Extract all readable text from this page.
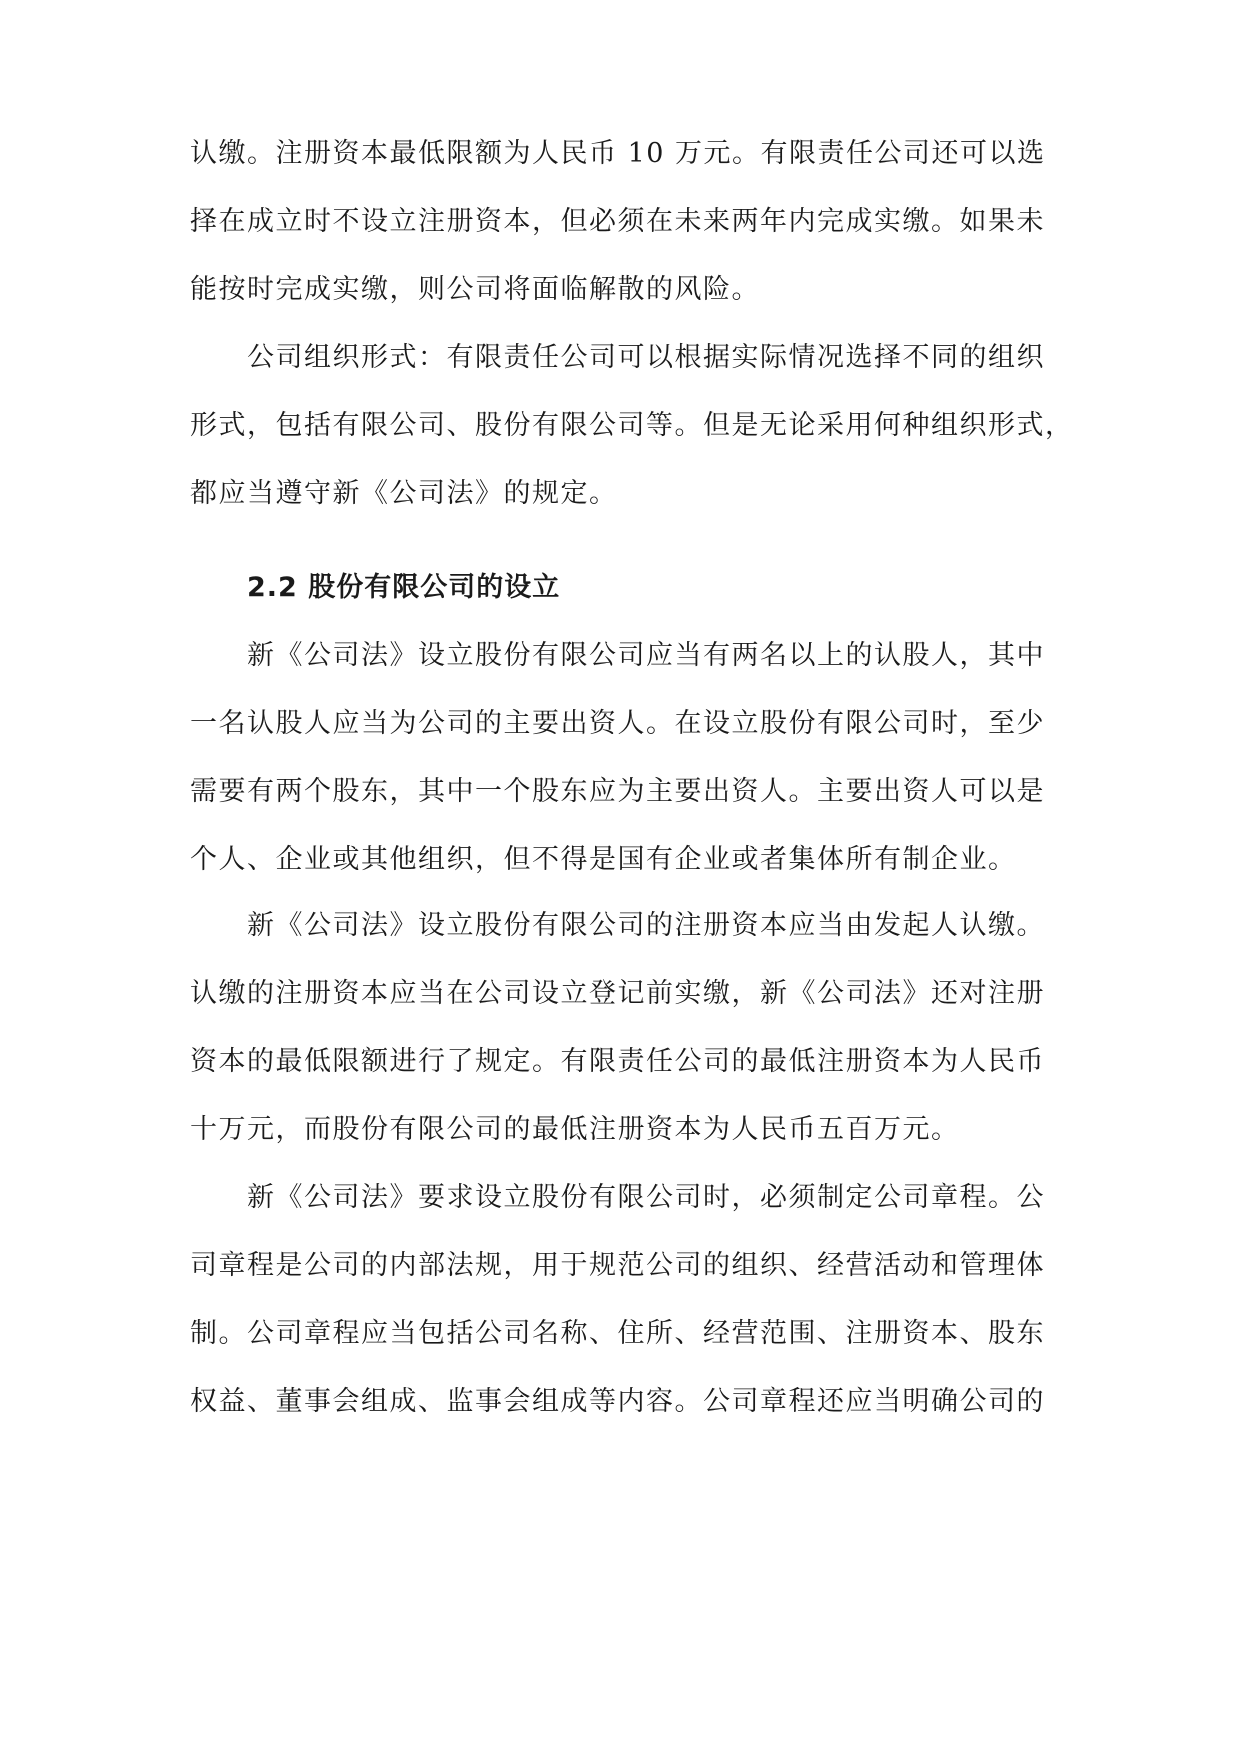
认缴。注册资本最低限额为人民币 10 万元。有限责任公司还可以选
择在成立时不设立注册资本，但必须在未来两年内完成实缴。如果未
能按时完成实缴，则公司将面临解散的风险。
公司组织形式：有限责任公司可以根据实际情况选择不同的组织
形式，包括有限公司、股份有限公司等。但是无论采用何种组织形式，
都应当遵守新《公司法》的规定。
2.2 股份有限公司的设立
新《公司法》设立股份有限公司应当有两名以上的认股人，其中
一名认股人应当为公司的主要出资人。在设立股份有限公司时，至少
需要有两个股东，其中一个股东应为主要出资人。主要出资人可以是
个人、企业或其他组织，但不得是国有企业或者集体所有制企业。
新《公司法》设立股份有限公司的注册资本应当由发起人认缴。
认缴的注册资本应当在公司设立登记前实缴，新《公司法》还对注册
资本的最低限额进行了规定。有限责任公司的最低注册资本为人民币
十万元，而股份有限公司的最低注册资本为人民币五百万元。
新《公司法》要求设立股份有限公司时，必须制定公司章程。公
司章程是公司的内部法规，用于规范公司的组织、经营活动和管理体
制。公司章程应当包括公司名称、住所、经营范围、注册资本、股东
权益、董事会组成、监事会组成等内容。公司章程还应当明确公司的
